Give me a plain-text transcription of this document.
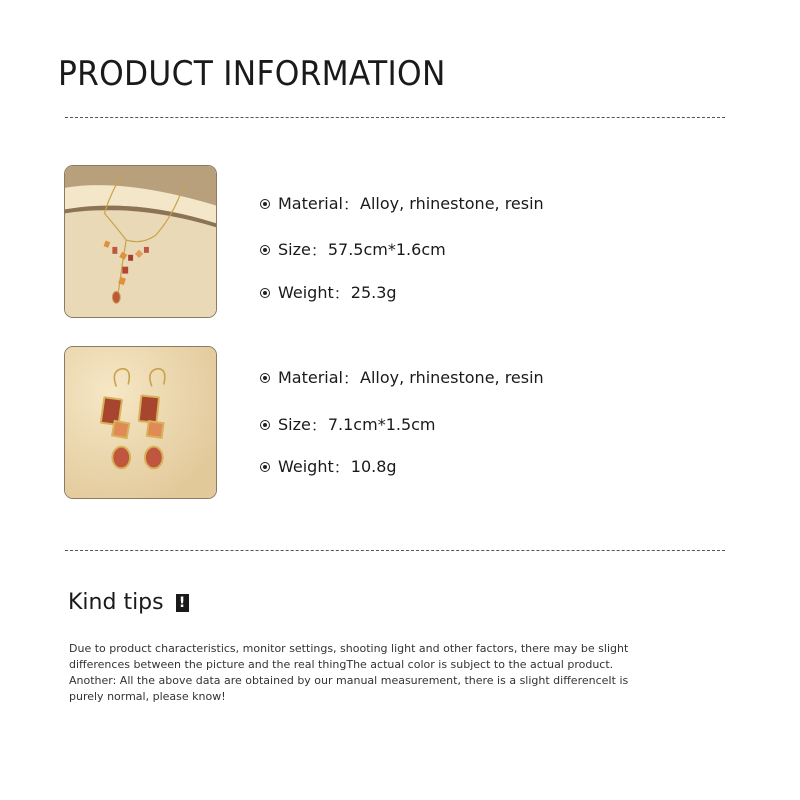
PRODUCT INFORMATION
Material ： Alloy, rhinestone, resin
Size ： 57.5cm*1.6cm
Weight ： 25.3g
Material ： Alloy, rhinestone, resin
Size ： 7.1cm*1.5cm
Weight ： 10.8g
Kind tips !

Due to product characteristics, monitor settings, shooting light and other factors, there may be slight differences between the picture and the real thingThe actual color is subject to the actual product. Another: All the above data are obtained by our manual measurement, there is a slight differenceIt is purely normal, please know!
